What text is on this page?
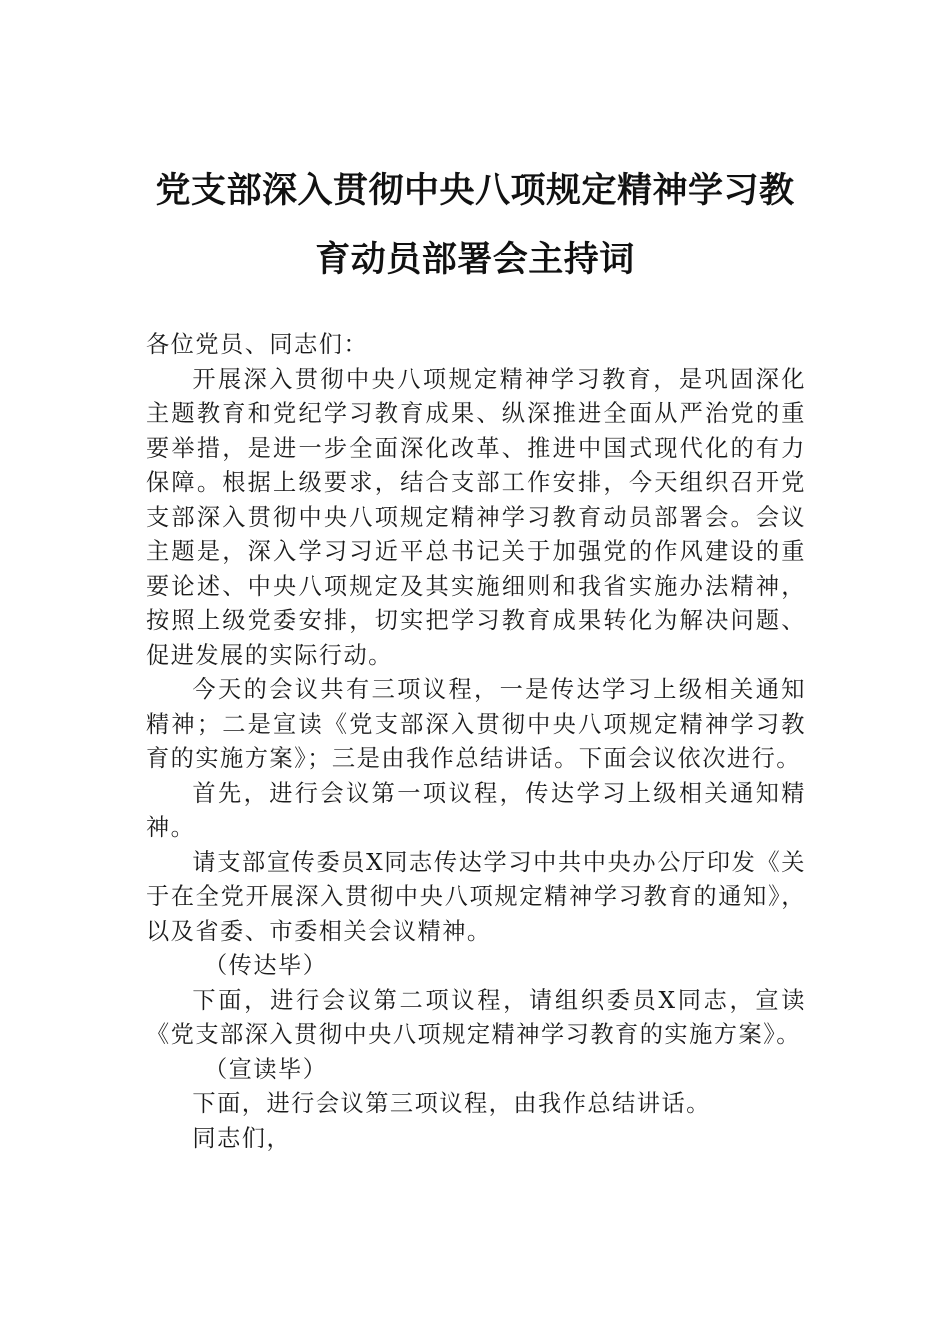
党支部深入贯彻中央八项规定精神学习教
育动员部署会主持词

各位党员、同志们：

开展深入贯彻中央八项规定精神学习教育，是巩固深化主题教育和党纪学习教育成果、纵深推进全面从严治党的重要举措，是进一步全面深化改革、推进中国式现代化的有力保障。根据上级要求，结合支部工作安排，今天组织召开党支部深入贯彻中央八项规定精神学习教育动员部署会。会议主题是，深入学习习近平总书记关于加强党的作风建设的重要论述、中央八项规定及其实施细则和我省实施办法精神，按照上级党委安排，切实把学习教育成果转化为解决问题、促进发展的实际行动。

今天的会议共有三项议程，一是传达学习上级相关通知精神；二是宣读《党支部深入贯彻中央八项规定精神学习教育的实施方案》；三是由我作总结讲话。下面会议依次进行。

首先，进行会议第一项议程，传达学习上级相关通知精神。

请支部宣传委员X同志传达学习中共中央办公厅印发《关于在全党开展深入贯彻中央八项规定精神学习教育的通知》，以及省委、市委相关会议精神。

（传达毕）

下面，进行会议第二项议程，请组织委员X同志，宣读《党支部深入贯彻中央八项规定精神学习教育的实施方案》。

（宣读毕）

下面，进行会议第三项议程，由我作总结讲话。

同志们，
